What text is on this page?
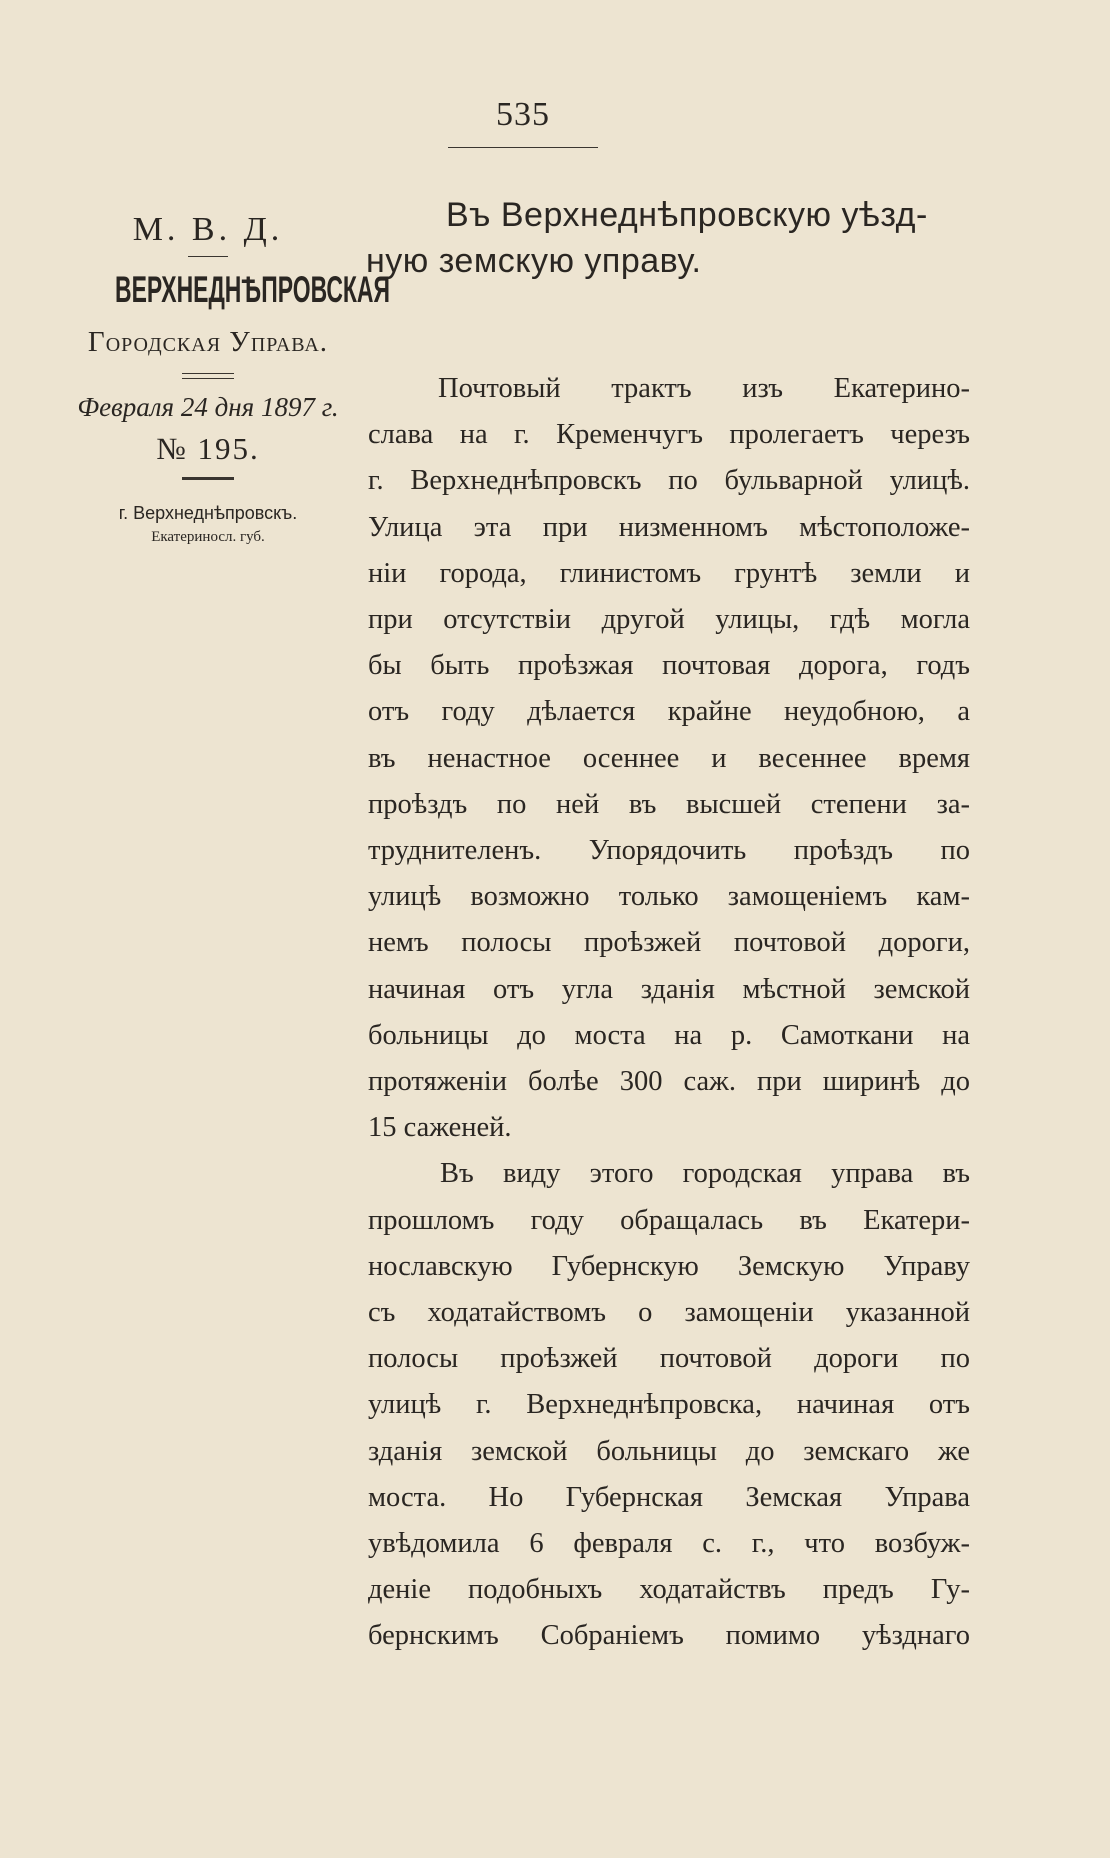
535
М. В. Д.
ВЕРХНЕДНѢПРОВСКАЯ
Городская Управа.
Февраля 24 дня 1897 г.
№ 195.
г. Верхнеднѣпровскъ.
Екатериносл. губ.
Въ Верхнеднѣпровскую уѣзд-
ную земскую управу.
Почтовый трактъ изъ Екатерино-
слава на г. Кременчугъ пролегаетъ черезъ
г. Верхнеднѣпровскъ по бульварной улицѣ.
Улица эта при низменномъ мѣстоположе-
ніи города, глинистомъ грунтѣ земли и
при отсутствіи другой улицы, гдѣ могла
бы быть проѣзжая почтовая дорога, годъ
отъ году дѣлается крайне неудобною, а
въ ненастное осеннее и весеннее время
проѣздъ по ней въ высшей степени за-
труднителенъ. Упорядочить проѣздъ по
улицѣ возможно только замощеніемъ кам-
немъ полосы проѣзжей почтовой дороги,
начиная отъ угла зданія мѣстной земской
больницы до моста на р. Самоткани на
протяженіи болѣе 300 саж. при ширинѣ до
15 саженей.
Въ виду этого городская управа въ
прошломъ году обращалась въ Екатери-
нославскую Губернскую Земскую Управу
съ ходатайствомъ о замощеніи указанной
полосы проѣзжей почтовой дороги по
улицѣ г. Верхнеднѣпровска, начиная отъ
зданія земской больницы до земскаго же
моста. Но Губернская Земская Управа
увѣдомила 6 февраля с. г., что возбуж-
деніе подобныхъ ходатайствъ предъ Гу-
бернскимъ Собраніемъ помимо уѣзднаго
